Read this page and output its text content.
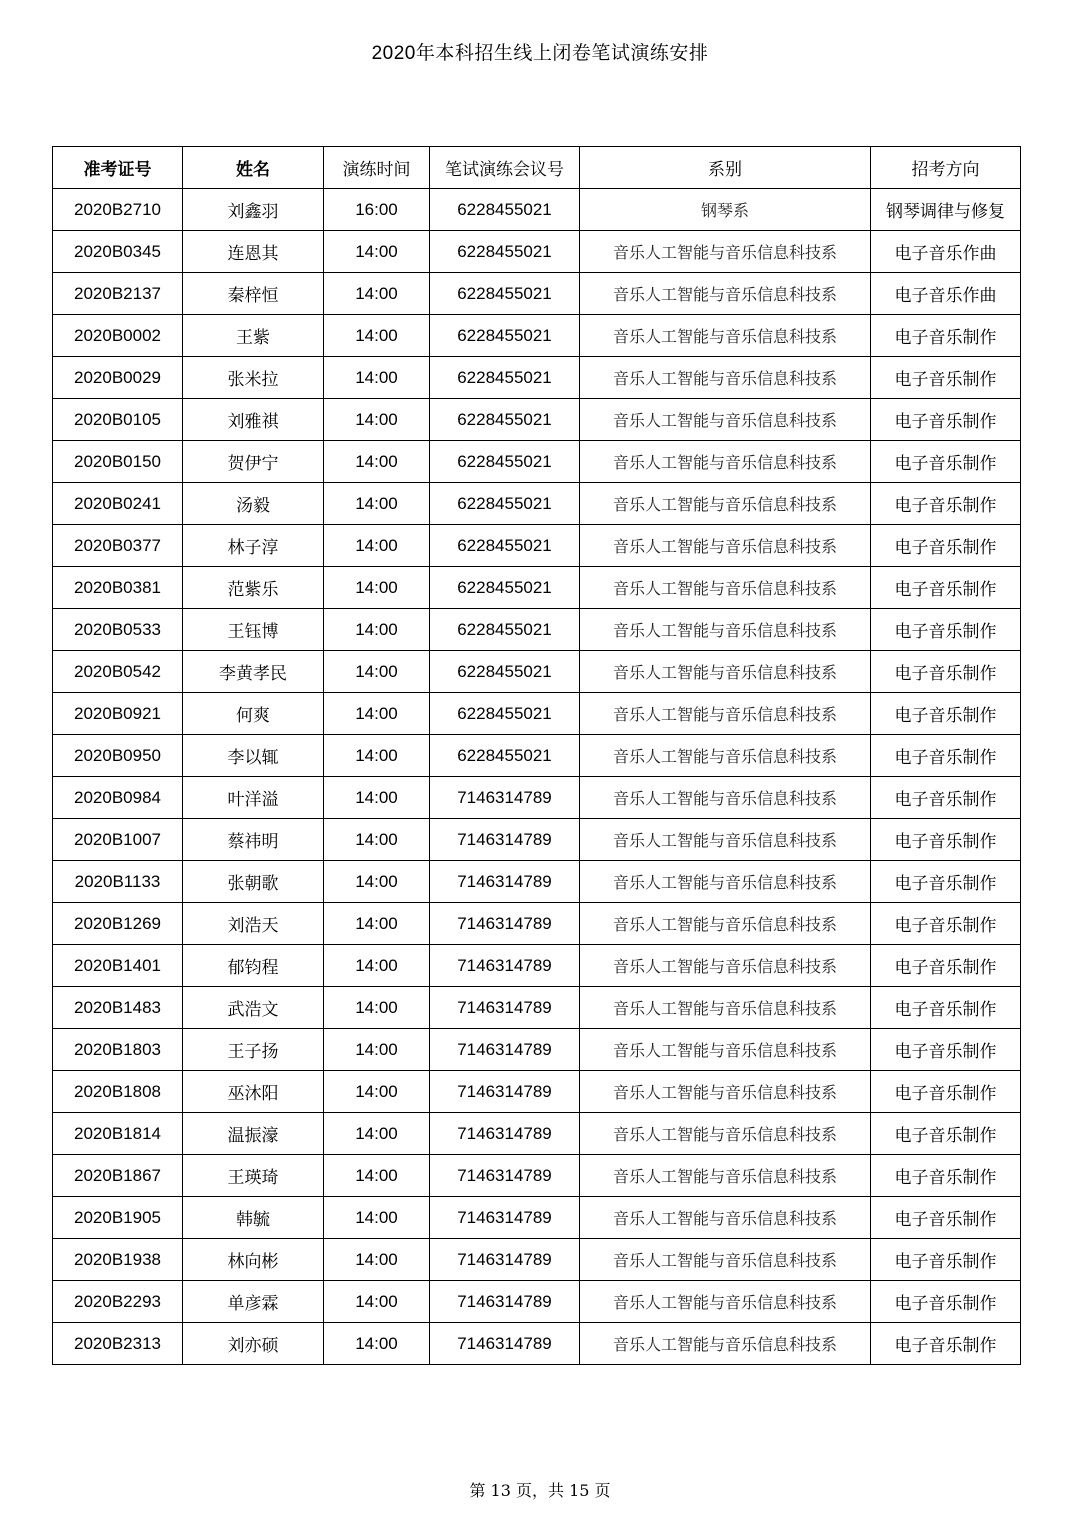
2020年本科招生线上闭卷笔试演练安排
准考证号	姓名	演练时间	笔试演练会议号	系别	招考方向
2020B2710	刘鑫羽	16:00	6228455021	钢琴系	钢琴调律与修复
2020B0345	连恩其	14:00	6228455021	音乐人工智能与音乐信息科技系	电子音乐作曲
2020B2137	秦梓恒	14:00	6228455021	音乐人工智能与音乐信息科技系	电子音乐作曲
2020B0002	王紫	14:00	6228455021	音乐人工智能与音乐信息科技系	电子音乐制作
2020B0029	张米拉	14:00	6228455021	音乐人工智能与音乐信息科技系	电子音乐制作
2020B0105	刘雅祺	14:00	6228455021	音乐人工智能与音乐信息科技系	电子音乐制作
2020B0150	贺伊宁	14:00	6228455021	音乐人工智能与音乐信息科技系	电子音乐制作
2020B0241	汤毅	14:00	6228455021	音乐人工智能与音乐信息科技系	电子音乐制作
2020B0377	林子淳	14:00	6228455021	音乐人工智能与音乐信息科技系	电子音乐制作
2020B0381	范紫乐	14:00	6228455021	音乐人工智能与音乐信息科技系	电子音乐制作
2020B0533	王钰博	14:00	6228455021	音乐人工智能与音乐信息科技系	电子音乐制作
2020B0542	李黄孝民	14:00	6228455021	音乐人工智能与音乐信息科技系	电子音乐制作
2020B0921	何爽	14:00	6228455021	音乐人工智能与音乐信息科技系	电子音乐制作
2020B0950	李以辄	14:00	6228455021	音乐人工智能与音乐信息科技系	电子音乐制作
2020B0984	叶洋溢	14:00	7146314789	音乐人工智能与音乐信息科技系	电子音乐制作
2020B1007	蔡祎明	14:00	7146314789	音乐人工智能与音乐信息科技系	电子音乐制作
2020B1133	张朝歌	14:00	7146314789	音乐人工智能与音乐信息科技系	电子音乐制作
2020B1269	刘浩天	14:00	7146314789	音乐人工智能与音乐信息科技系	电子音乐制作
2020B1401	郁钧程	14:00	7146314789	音乐人工智能与音乐信息科技系	电子音乐制作
2020B1483	武浩文	14:00	7146314789	音乐人工智能与音乐信息科技系	电子音乐制作
2020B1803	王子扬	14:00	7146314789	音乐人工智能与音乐信息科技系	电子音乐制作
2020B1808	巫沐阳	14:00	7146314789	音乐人工智能与音乐信息科技系	电子音乐制作
2020B1814	温振濠	14:00	7146314789	音乐人工智能与音乐信息科技系	电子音乐制作
2020B1867	王瑛琦	14:00	7146314789	音乐人工智能与音乐信息科技系	电子音乐制作
2020B1905	韩毓	14:00	7146314789	音乐人工智能与音乐信息科技系	电子音乐制作
2020B1938	林向彬	14:00	7146314789	音乐人工智能与音乐信息科技系	电子音乐制作
2020B2293	单彦霖	14:00	7146314789	音乐人工智能与音乐信息科技系	电子音乐制作
2020B2313	刘亦硕	14:00	7146314789	音乐人工智能与音乐信息科技系	电子音乐制作
第 13 页，共 15 页
